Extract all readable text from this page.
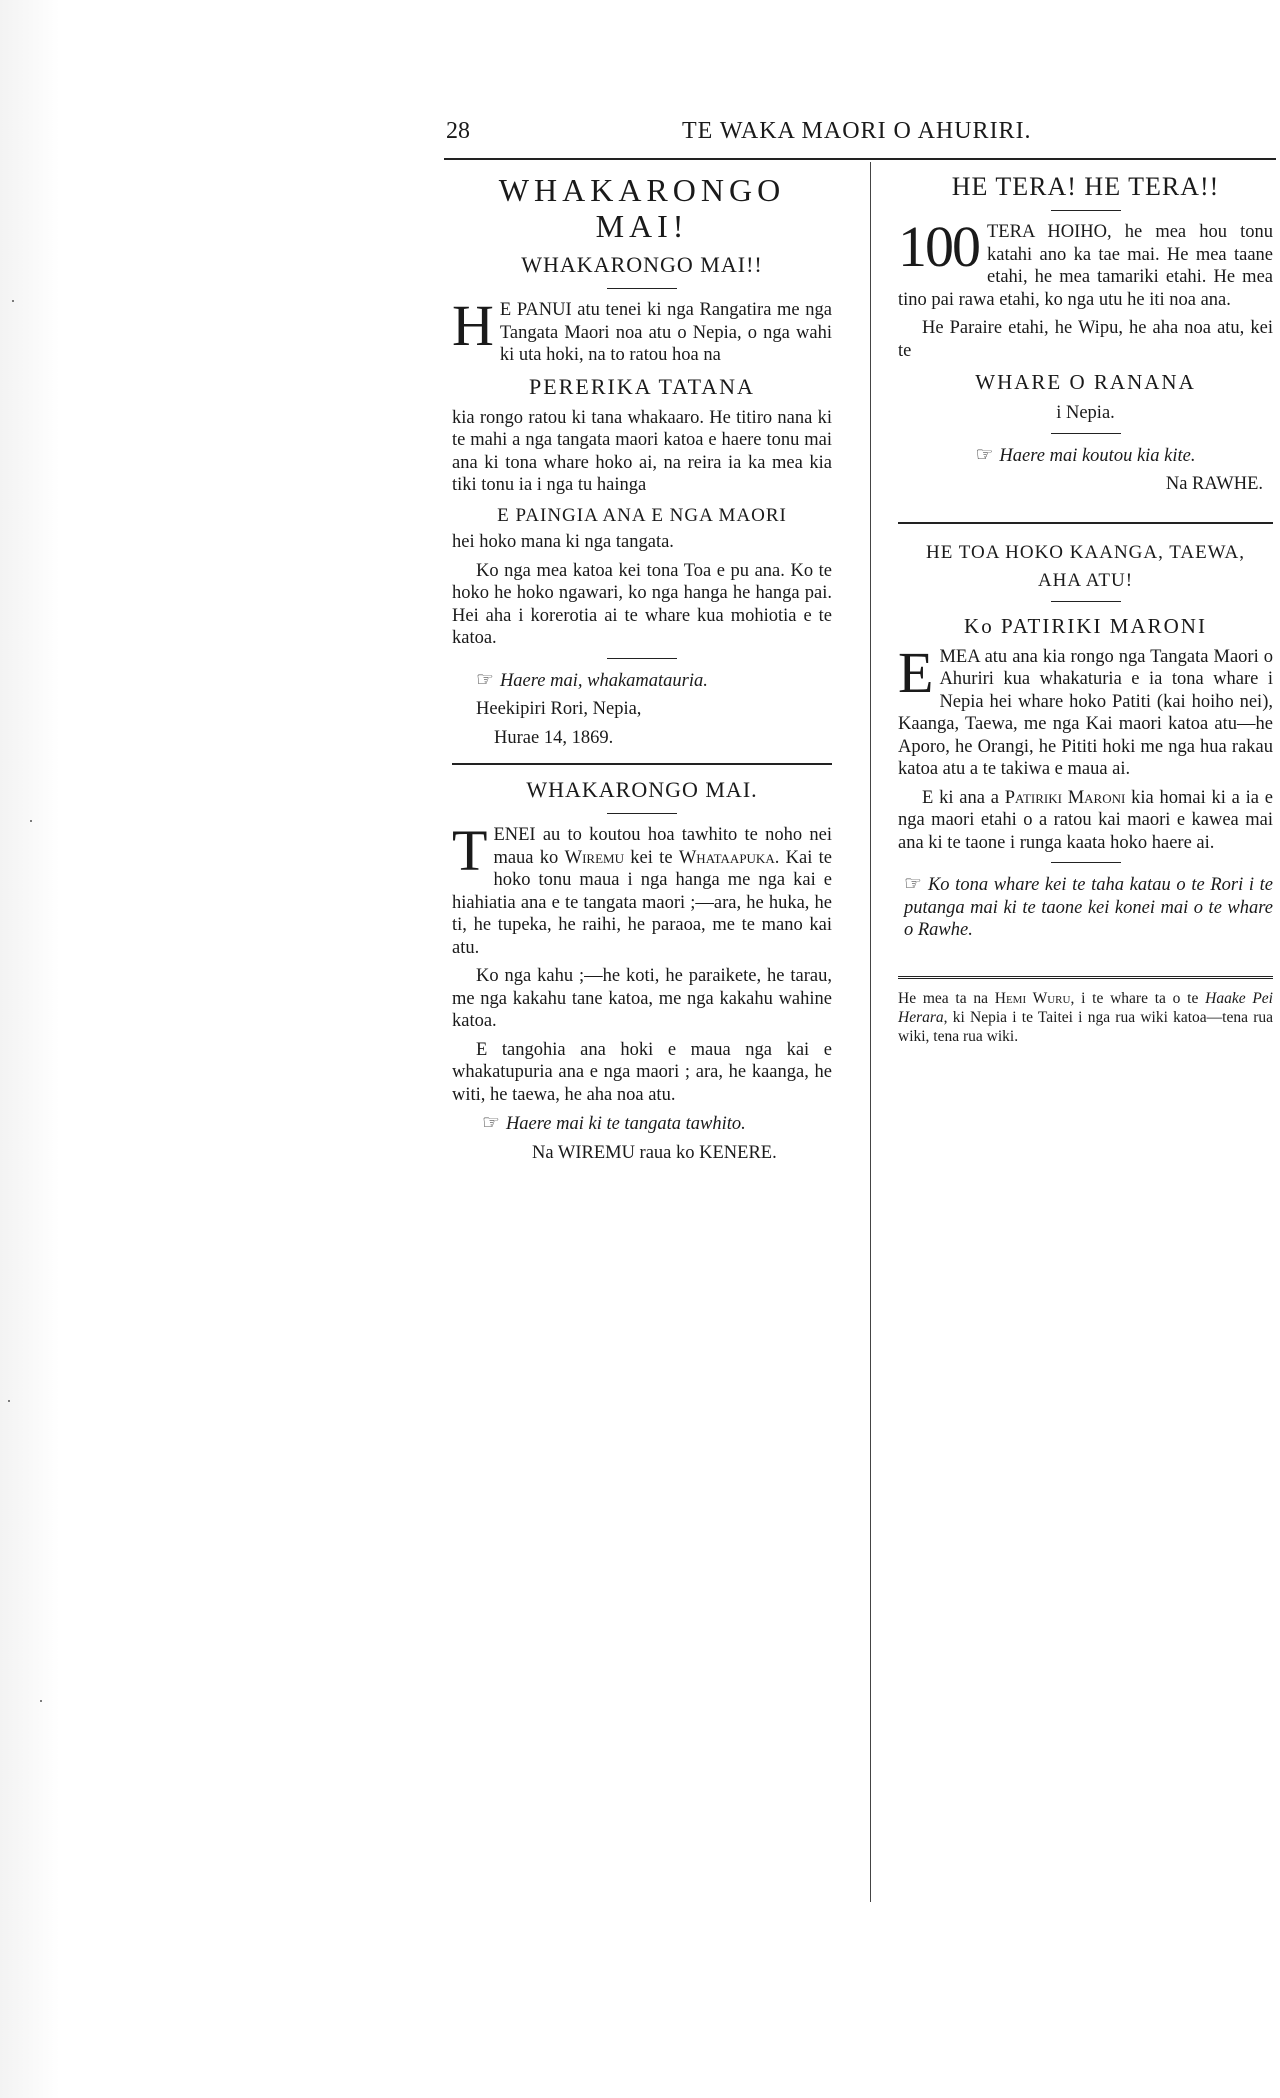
28	TE WAKA MAORI O AHURIRI.

WHAKARONGO MAI!

WHAKARONGO MAI!!

H E PANUI atu tenei ki nga Rangatira me nga Tangata Maori noa atu o Nepia, o nga wahi ki uta hoki, na to ratou hoa na

PERERIKA TATANA

kia rongo ratou ki tana whakaaro. He titiro nana ki te mahi a nga tangata maori katoa e haere tonu mai ana ki tona whare hoko ai, na reira ia ka mea kia tiki tonu ia i nga tu hainga

E PAINGIA ANA E NGA MAORI

hei hoko mana ki nga tangata.

Ko nga mea katoa kei tona Toa e pu ana. Ko te hoko he hoko ngawari, ko nga hanga he hanga pai. Hei aha i korerotia ai te whare kua mohiotia e te katoa.

☞ Haere mai, whakamatauria.

Heekipiri Rori, Nepia,

Hurae 14, 1869.

WHAKARONGO MAI.

TENEI au to koutou hoa tawhito te noho nei maua ko Wiremu kei te Whataapuka. Kai te hoko tonu maua i nga hanga me nga kai e hiahiatia ana e te tangata maori ;—ara, he huka, he ti, he tupeka, he raihi, he paraoa, me te mano kai atu.

Ko nga kahu ;—he koti, he paraikete, he tarau, me nga kakahu tane katoa, me nga kakahu wahine katoa.

E tangohia ana hoki e maua nga kai e whakatupuria ana e nga maori ; ara, he kaanga, he witi, he taewa, he aha noa atu.

☞ Haere mai ki te tangata tawhito.

Na WIREMU raua ko KENERE.

HE TERA! HE TERA!!

100 TERA HOIHO, he mea hou tonu katahi ano ka tae mai. He mea taane etahi, he mea tamariki etahi. He mea tino pai rawa etahi, ko nga utu he iti noa ana.

He Paraire etahi, he Wipu, he aha noa atu, kei te

WHARE O RANANA

i Nepia.

☞ Haere mai koutou kia kite.

Na RAWHE.

HE TOA HOKO KAANGA, TAEWA,

AHA ATU!

Ko PATIRIKI MARONI

EMEA atu ana kia rongo nga Tangata Maori o Ahuriri kua whakaturia e ia tona whare i Nepia hei whare hoko Patiti (kai hoiho nei), Kaanga, Taewa, me nga Kai maori katoa atu—he Aporo, he Orangi, he Pititi hoki me nga hua rakau katoa atu a te takiwa e maua ai.

E ki ana a Patiriki Maroni kia homai ki a ia e nga maori etahi o a ratou kai maori e kawea mai ana ki te taone i runga kaata hoko haere ai.

☞ Ko tona whare kei te taha katau o te Rori i te putanga mai ki te taone kei konei mai o te whare o Rawhe.

He mea ta na Hemi Wuru, i te whare ta o te Haake Pei Herara, ki Nepia i te Taitei i nga rua wiki katoa—tena rua wiki, tena rua wiki.
